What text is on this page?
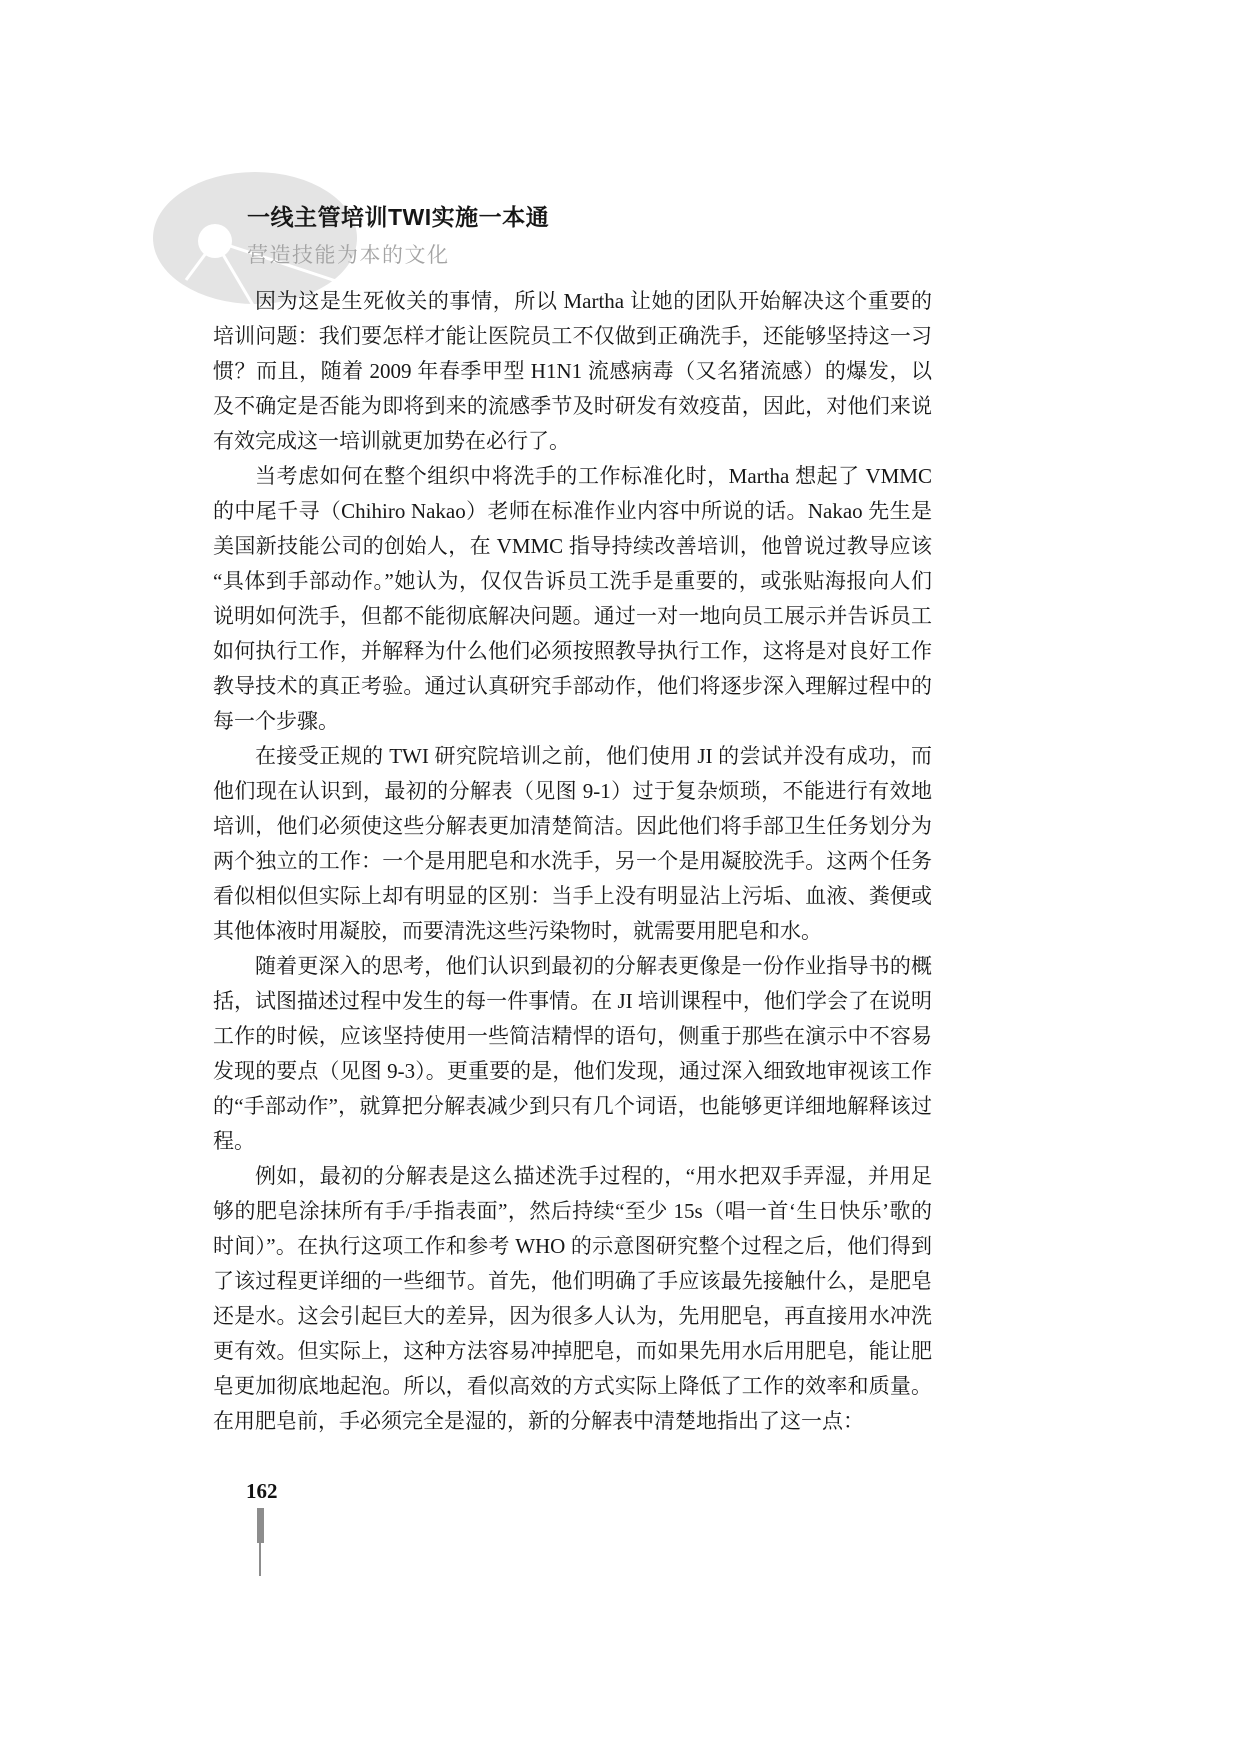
一线主管培训TWI实施一本通
营造技能为本的文化

因为这是生死攸关的事情，所以 Martha 让她的团队开始解决这个重要的培训问题：我们要怎样才能让医院员工不仅做到正确洗手，还能够坚持这一习惯？而且，随着 2009 年春季甲型 H1N1 流感病毒（又名猪流感）的爆发，以及不确定是否能为即将到来的流感季节及时研发有效疫苗，因此，对他们来说有效完成这一培训就更加势在必行了。

当考虑如何在整个组织中将洗手的工作标准化时，Martha 想起了 VMMC 的中尾千寻（Chihiro Nakao）老师在标准作业内容中所说的话。Nakao 先生是美国新技能公司的创始人，在 VMMC 指导持续改善培训，他曾说过教导应该“具体到手部动作。”她认为，仅仅告诉员工洗手是重要的，或张贴海报向人们说明如何洗手，但都不能彻底解决问题。通过一对一地向员工展示并告诉员工如何执行工作，并解释为什么他们必须按照教导执行工作，这将是对良好工作教导技术的真正考验。通过认真研究手部动作，他们将逐步深入理解过程中的每一个步骤。

在接受正规的 TWI 研究院培训之前，他们使用 JI 的尝试并没有成功，而他们现在认识到，最初的分解表（见图 9-1）过于复杂烦琐，不能进行有效地培训，他们必须使这些分解表更加清楚简洁。因此他们将手部卫生任务划分为两个独立的工作：一个是用肥皂和水洗手，另一个是用凝胶洗手。这两个任务看似相似但实际上却有明显的区别：当手上没有明显沾上污垢、血液、粪便或其他体液时用凝胶，而要清洗这些污染物时，就需要用肥皂和水。

随着更深入的思考，他们认识到最初的分解表更像是一份作业指导书的概括，试图描述过程中发生的每一件事情。在 JI 培训课程中，他们学会了在说明工作的时候，应该坚持使用一些简洁精悍的语句，侧重于那些在演示中不容易发现的要点（见图 9-3）。更重要的是，他们发现，通过深入细致地审视该工作的“手部动作”，就算把分解表减少到只有几个词语，也能够更详细地解释该过程。

例如，最初的分解表是这么描述洗手过程的，“用水把双手弄湿，并用足够的肥皂涂抹所有手/手指表面”，然后持续“至少 15s（唱一首‘生日快乐’歌的时间）”。在执行这项工作和参考 WHO 的示意图研究整个过程之后，他们得到了该过程更详细的一些细节。首先，他们明确了手应该最先接触什么，是肥皂还是水。这会引起巨大的差异，因为很多人认为，先用肥皂，再直接用水冲洗更有效。但实际上，这种方法容易冲掉肥皂，而如果先用水后用肥皂，能让肥皂更加彻底地起泡。所以，看似高效的方式实际上降低了工作的效率和质量。在用肥皂前，手必须完全是湿的，新的分解表中清楚地指出了这一点：

162
